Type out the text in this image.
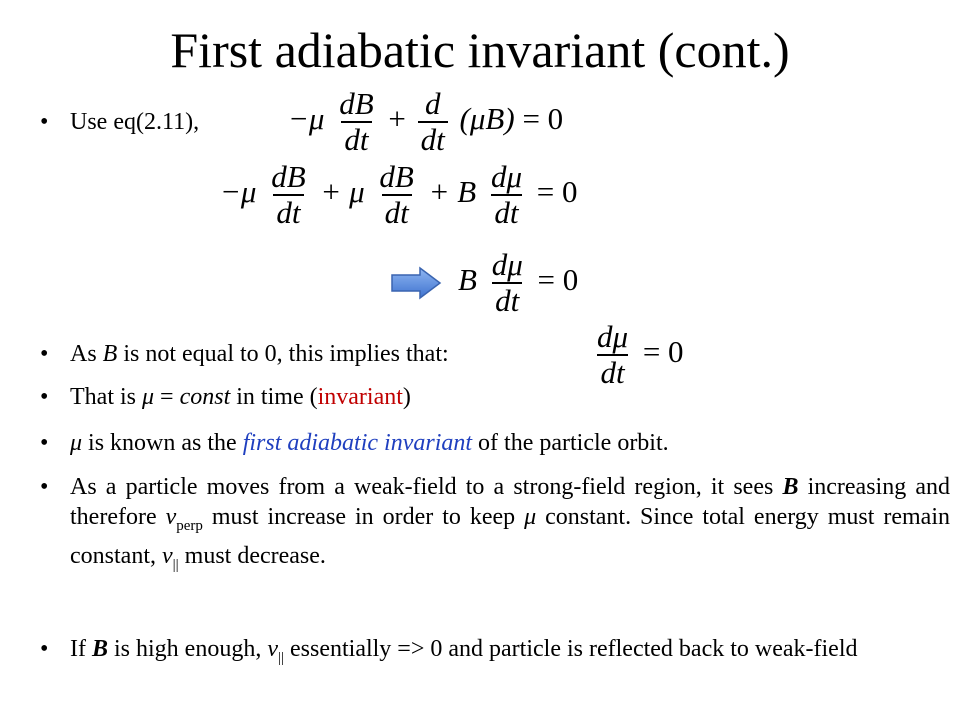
First adiabatic invariant (cont.)
• Use eq(2.11),	$-\mu \frac{dB}{dt} + \frac{d}{dt} (\mu B) = 0$
$-\mu \frac{dB}{dt} + \mu \frac{dB}{dt} + B \frac{d\mu}{dt} = 0$
B $\frac{d\mu}{dt} = 0$
• As B is not equal to 0, this implies that:	$\frac{d\mu}{dt} = 0$
• That is μ = const in time (invariant)
• μ is known as the first adiabatic invariant of the particle orbit.
• As a particle moves from a weak-field to a strong-field region, it sees B increasing and therefore $v_{perp}$ must increase in order to keep μ constant. Since total energy must remain constant, $v_{||}$ must decrease.
• If B is high enough, $v_{||}$ essentially => 0 and particle is reflected back to weak-field
